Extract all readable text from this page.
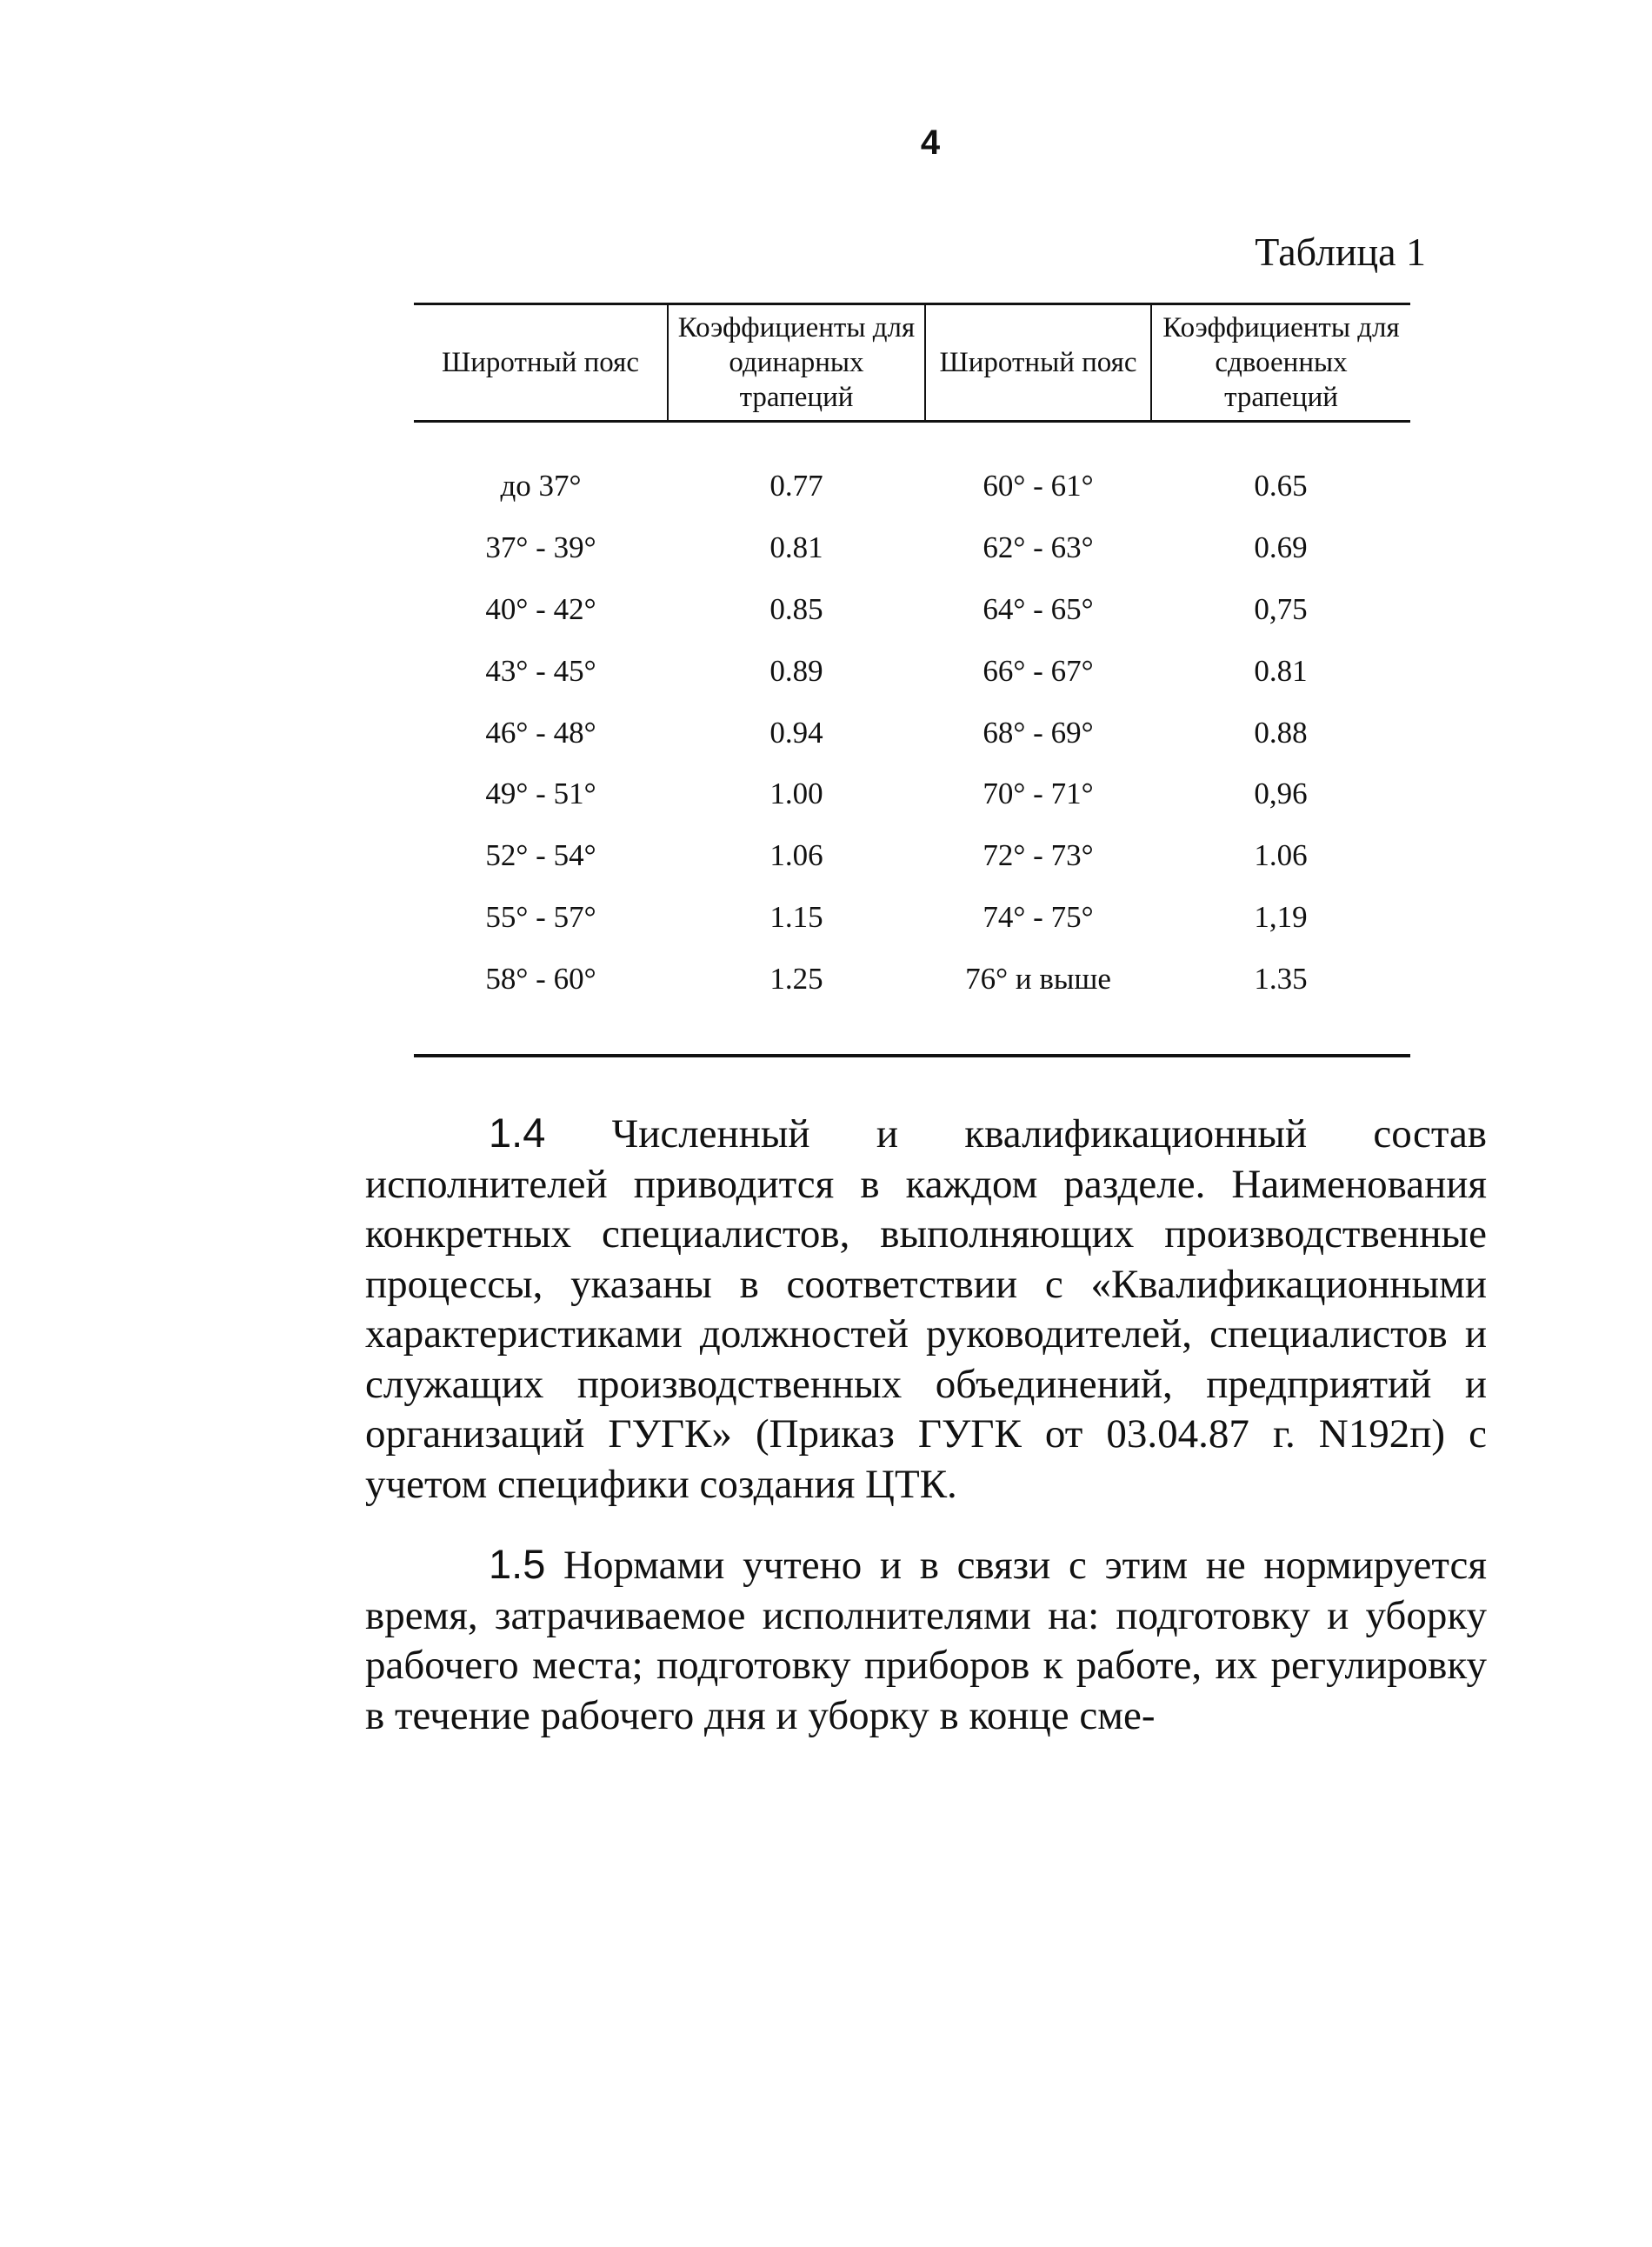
4
Таблица 1
Широтный пояс	Коэффициенты для одинарных трапеций	Широтный пояс	Коэффициенты для сдвоенных трапеций

до 37°	0.77	60° - 61°	0.65
37° - 39°	0.81	62° - 63°	0.69
40° - 42°	0.85	64° - 65°	0,75
43° - 45°	0.89	66° - 67°	0.81
46° - 48°	0.94	68° - 69°	0.88
49° - 51°	1.00	70° - 71°	0,96
52° - 54°	1.06	72° - 73°	1.06
55° - 57°	1.15	74° - 75°	1,19
58° - 60°	1.25	76° и выше	1.35

1.4 Численный и квалификационный состав исполнителей приводится в каждом разделе. Наименования конкретных специалистов, выполняющих производственные процессы, указаны в соответствии с «Квалификационными характеристиками должностей руководителей, специалистов и служащих производственных объединений, предприятий и организаций ГУГК» (Приказ ГУГК от 03.04.87 г. N192п) с учетом специфики создания ЦТК.

1.5 Нормами учтено и в связи с этим не нормируется время, затрачиваемое исполнителями на: подготовку и уборку рабочего места; подготовку приборов к работе, их регулировку в течение рабочего дня и уборку в конце сме-
